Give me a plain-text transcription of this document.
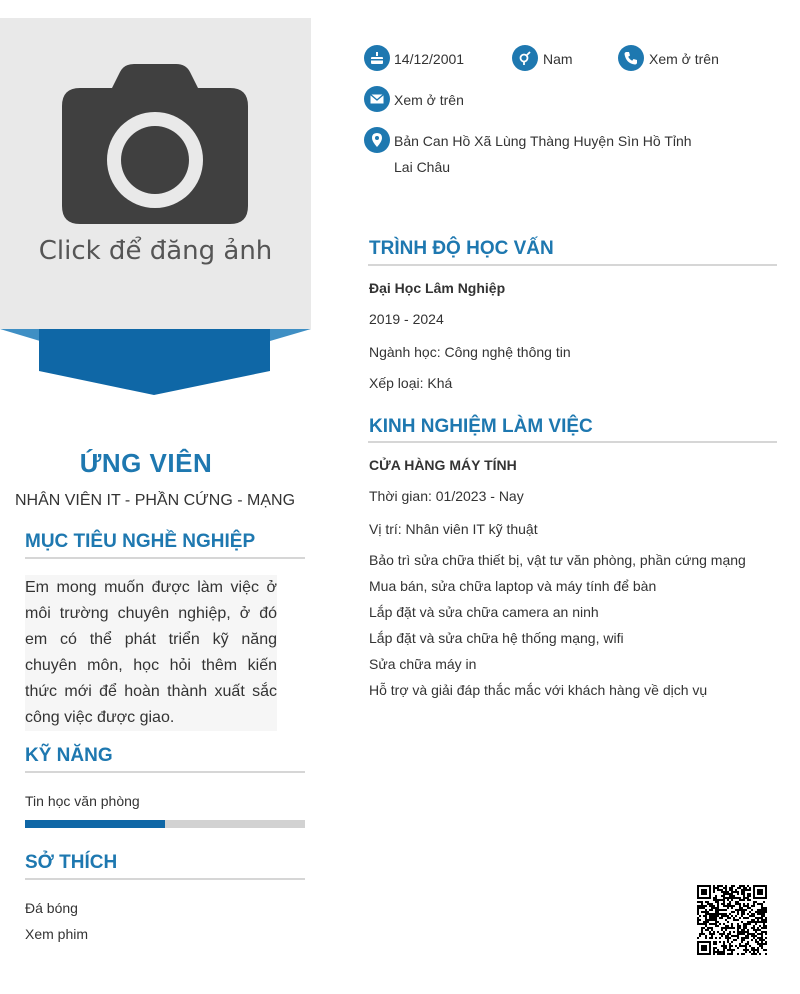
Click để đăng ảnh
ỨNG VIÊN
NHÂN VIÊN IT - PHẦN CỨNG - MẠNG
MỤC TIÊU NGHỀ NGHIỆP
Em mong muốn được làm việc ở môi trường chuyên nghiệp, ở đó em có thể phát triển kỹ năng chuyên môn, học hỏi thêm kiến thức mới để hoàn thành xuất sắc công việc được giao.
KỸ NĂNG
Tin học văn phòng
SỞ THÍCH
Đá bóng
Xem phim
14/12/2001	Nam	Xem ở trên
Xem ở trên
Bản Can Hồ Xã Lùng Thàng Huyện Sìn Hồ Tỉnh Lai Châu
TRÌNH ĐỘ HỌC VẤN
Đại Học Lâm Nghiệp
2019 - 2024
Ngành học: Công nghệ thông tin
Xếp loại: Khá
KINH NGHIỆM LÀM VIỆC
CỬA HÀNG MÁY TÍNH
Thời gian: 01/2023 - Nay
Vị trí: Nhân viên IT kỹ thuật
Bảo trì sửa chữa thiết bị, vật tư văn phòng, phần cứng mạng
Mua bán, sửa chữa laptop và máy tính để bàn
Lắp đặt và sửa chữa camera an ninh
Lắp đặt và sửa chữa hệ thống mạng, wifi
Sửa chữa máy in
Hỗ trợ và giải đáp thắc mắc với khách hàng về dịch vụ
